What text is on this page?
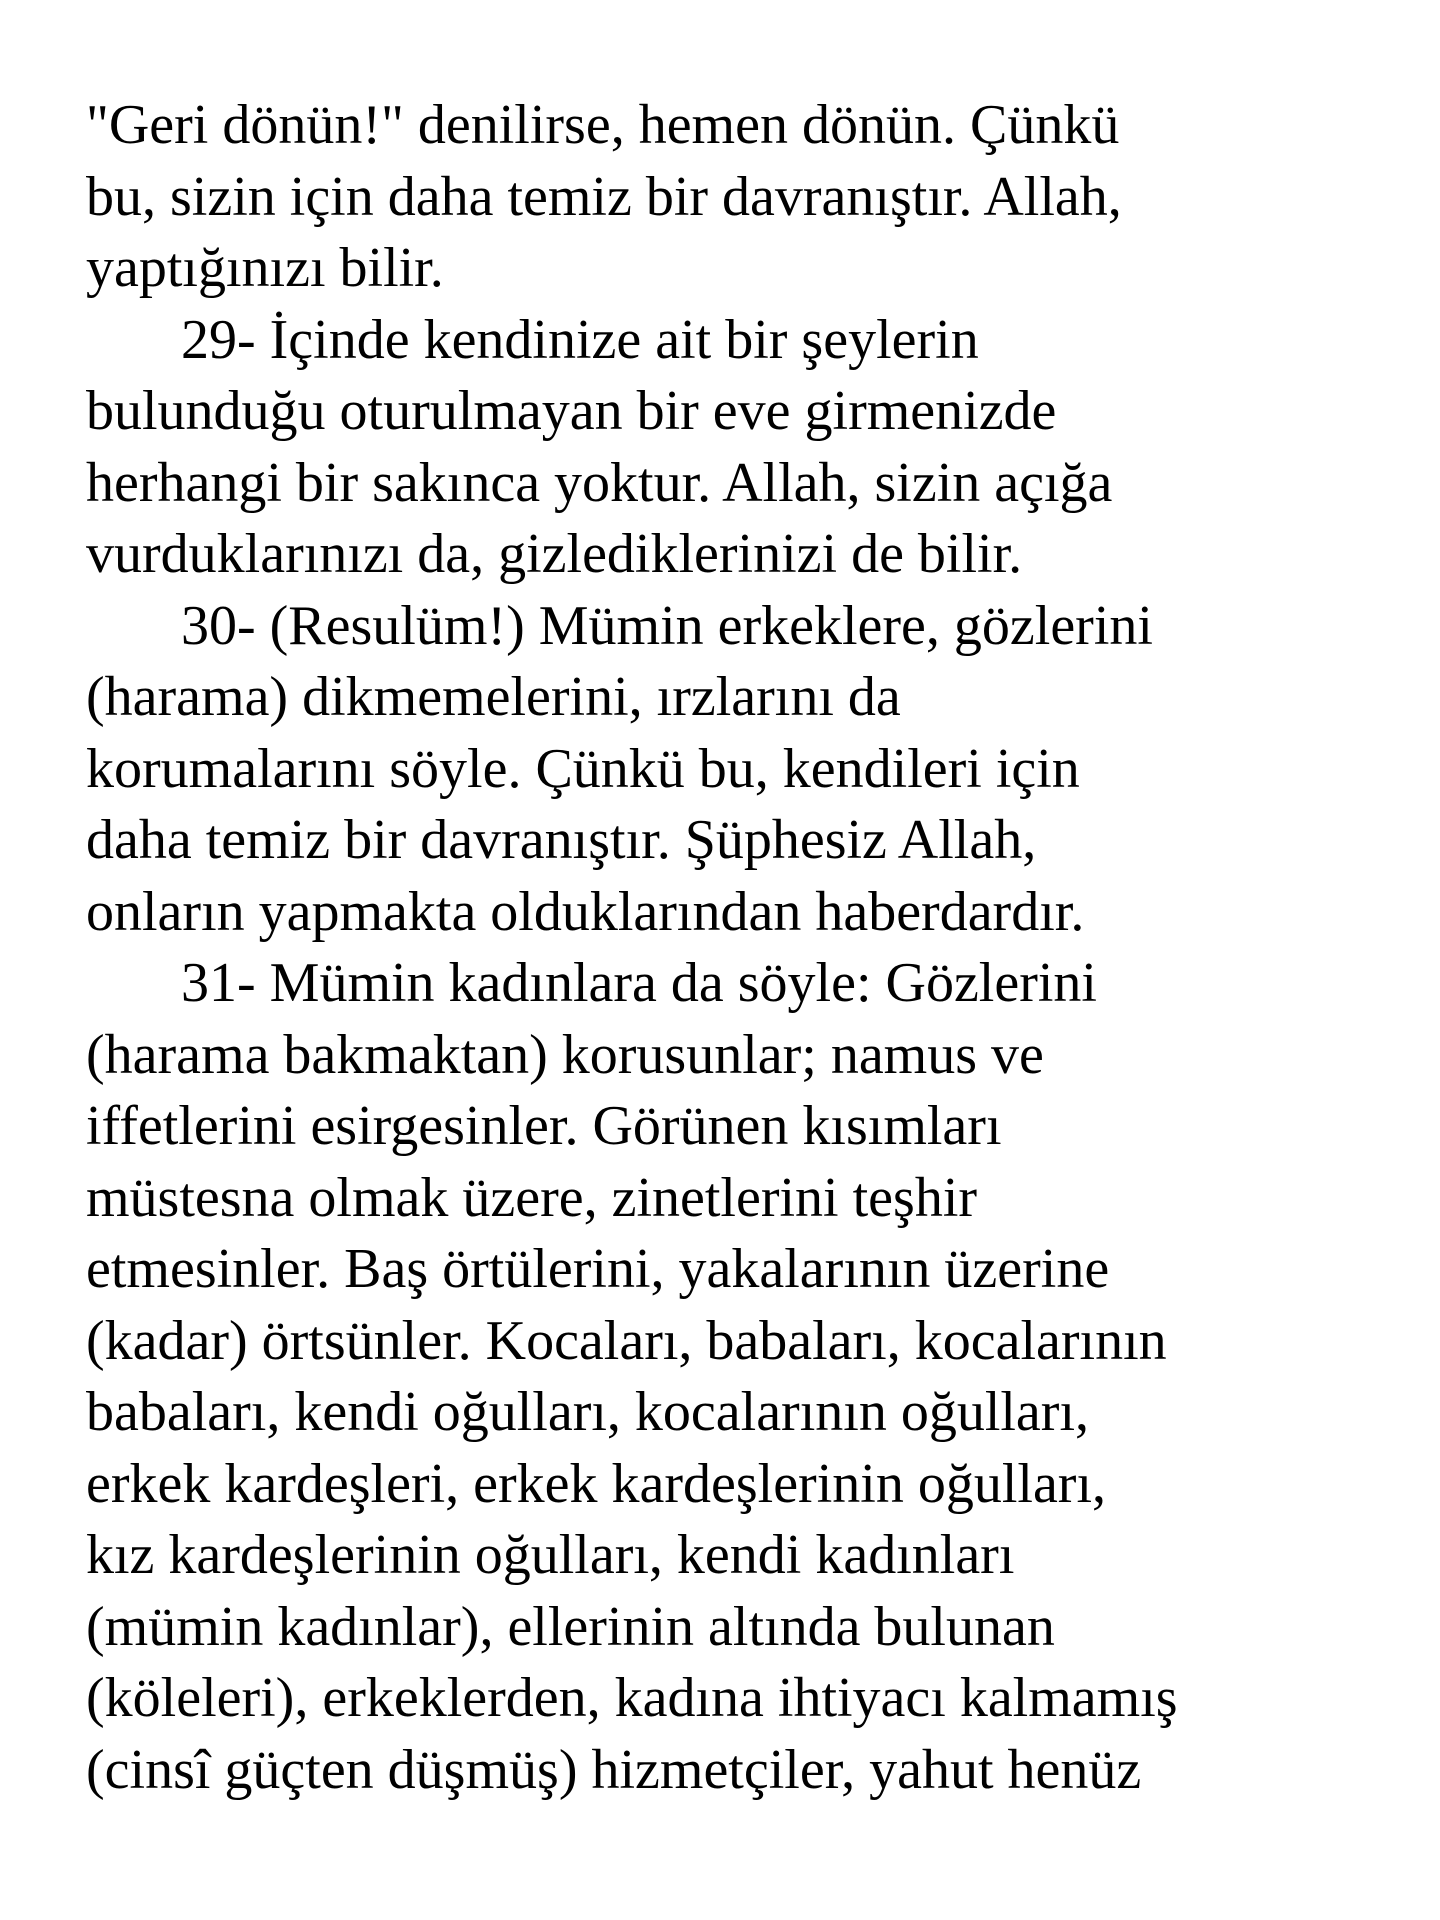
"Geri dönün!" denilirse, hemen dönün. Çünkü
bu, sizin için daha temiz bir davranıştır. Allah,
yaptığınızı bilir.
29- İçinde kendinize ait bir şeylerin
bulunduğu oturulmayan bir eve girmenizde
herhangi bir sakınca yoktur. Allah, sizin açığa
vurduklarınızı da, gizlediklerinizi de bilir.
30- (Resulüm!) Mümin erkeklere, gözlerini
(harama) dikmemelerini, ırzlarını da
korumalarını söyle. Çünkü bu, kendileri için
daha temiz bir davranıştır. Şüphesiz Allah,
onların yapmakta olduklarından haberdardır.
31- Mümin kadınlara da söyle: Gözlerini
(harama bakmaktan) korusunlar; namus ve
iffetlerini esirgesinler. Görünen kısımları
müstesna olmak üzere, zinetlerini teşhir
etmesinler. Baş örtülerini, yakalarının üzerine
(kadar) örtsünler. Kocaları, babaları, kocalarının
babaları, kendi oğulları, kocalarının oğulları,
erkek kardeşleri, erkek kardeşlerinin oğulları,
kız kardeşlerinin oğulları, kendi kadınları
(mümin kadınlar), ellerinin altında bulunan
(köleleri), erkeklerden, kadına ihtiyacı kalmamış
(cinsî güçten düşmüş) hizmetçiler, yahut henüz
